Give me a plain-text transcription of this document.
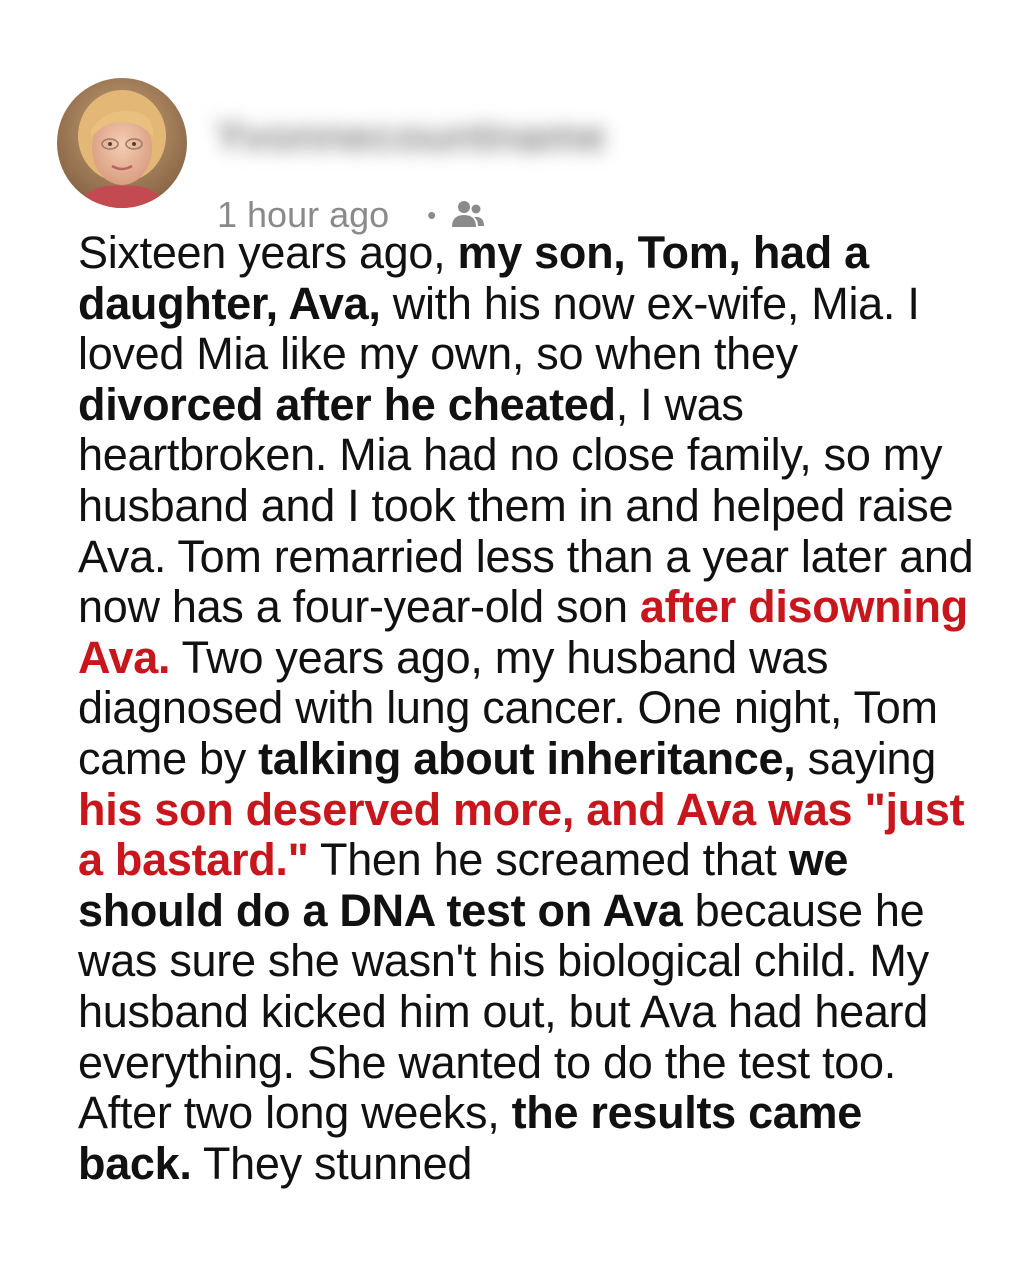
Yvonnecountname
1 hour ago •

Sixteen years ago, my son, Tom, had a daughter, Ava, with his now ex-wife, Mia. I loved Mia like my own, so when they divorced after he cheated, I was heartbroken. Mia had no close family, so my husband and I took them in and helped raise Ava. Tom remarried less than a year later and now has a four-year-old son after disowning Ava. Two years ago, my husband was diagnosed with lung cancer. One night, Tom came by talking about inheritance, saying his son deserved more, and Ava was "just a bastard." Then he screamed that we should do a DNA test on Ava because he was sure she wasn't his biological child. My husband kicked him out, but Ava had heard everything. She wanted to do the test too. After two long weeks, the results came back. They stunned
